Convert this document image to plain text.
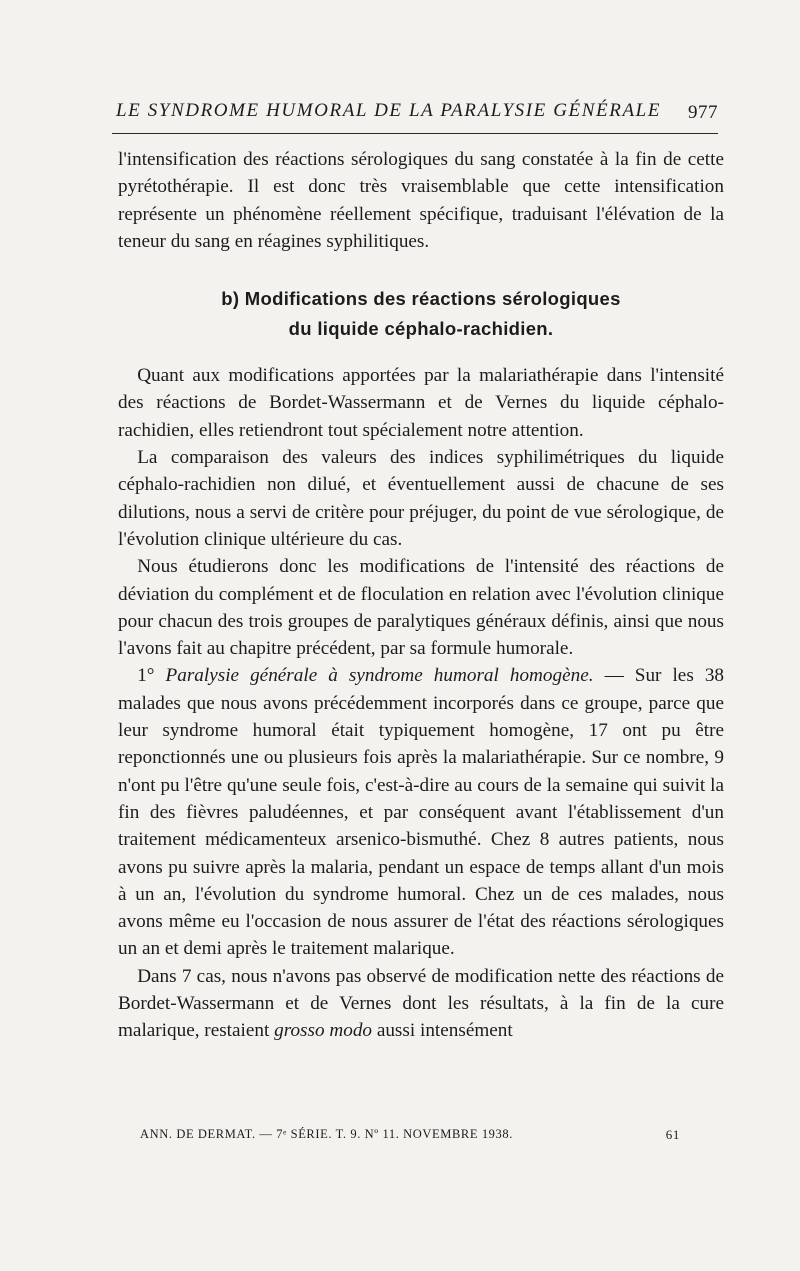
LE SYNDROME HUMORAL DE LA PARALYSIE GÉNÉRALE 977

l'intensification des réactions sérologiques du sang constatée à la fin de cette pyrétothérapie. Il est donc très vraisemblable que cette intensification représente un phénomène réellement spécifique, traduisant l'élévation de la teneur du sang en réagines syphilitiques.

b) Modifications des réactions sérologiques
du liquide céphalo-rachidien.

Quant aux modifications apportées par la malariathérapie dans l'intensité des réactions de Bordet-Wassermann et de Vernes du liquide céphalo-rachidien, elles retiendront tout spécialement notre attention.

La comparaison des valeurs des indices syphilimétriques du liquide céphalo-rachidien non dilué, et éventuellement aussi de chacune de ses dilutions, nous a servi de critère pour préjuger, du point de vue sérologique, de l'évolution clinique ultérieure du cas.

Nous étudierons donc les modifications de l'intensité des réactions de déviation du complément et de floculation en relation avec l'évolution clinique pour chacun des trois groupes de paralytiques généraux définis, ainsi que nous l'avons fait au chapitre précédent, par sa formule humorale.

1° Paralysie générale à syndrome humoral homogène. — Sur les 38 malades que nous avons précédemment incorporés dans ce groupe, parce que leur syndrome humoral était typiquement homogène, 17 ont pu être reponctionnés une ou plusieurs fois après la malariathérapie. Sur ce nombre, 9 n'ont pu l'être qu'une seule fois, c'est-à-dire au cours de la semaine qui suivit la fin des fièvres paludéennes, et par conséquent avant l'établissement d'un traitement médicamenteux arsenico-bismuthé. Chez 8 autres patients, nous avons pu suivre après la malaria, pendant un espace de temps allant d'un mois à un an, l'évolution du syndrome humoral. Chez un de ces malades, nous avons même eu l'occasion de nous assurer de l'état des réactions sérologiques un an et demi après le traitement malarique.

Dans 7 cas, nous n'avons pas observé de modification nette des réactions de Bordet-Wassermann et de Vernes dont les résultats, à la fin de la cure malarique, restaient grosso modo aussi intensément

ANN. DE DERMAT. — 7ᵉ SÉRIE. T. 9. Nº 11. NOVEMBRE 1938.	61
